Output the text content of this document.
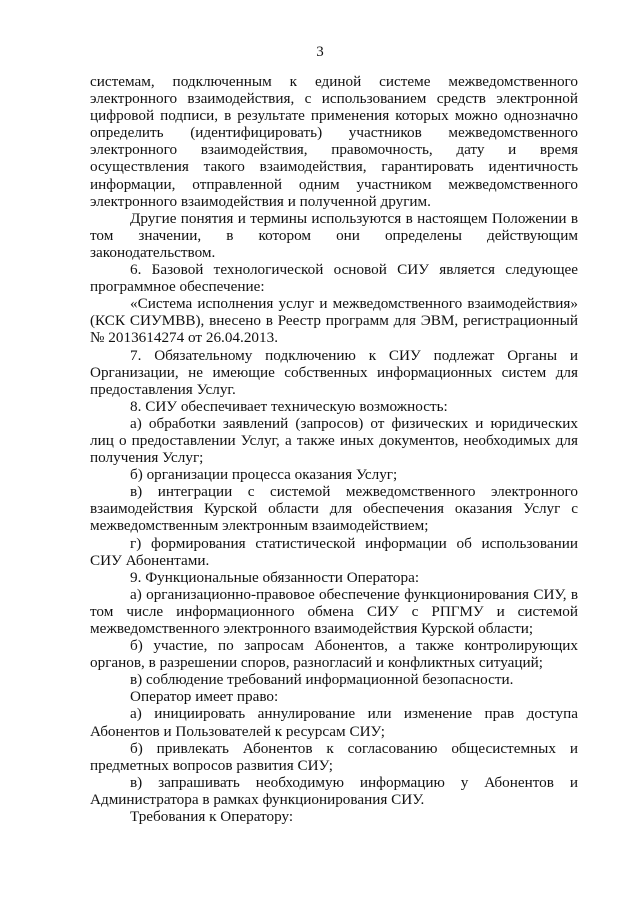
3

системам, подключенным к единой системе межведомственного электронного взаимодействия, с использованием средств электронной цифровой подписи, в результате применения которых можно однозначно определить (идентифицировать) участников межведомственного электронного взаимодействия, правомочность, дату и время осуществления такого взаимодействия, гарантировать идентичность информации, отправленной одним участником межведомственного электронного взаимодействия и полученной другим.

Другие понятия и термины используются в настоящем Положении в том значении, в котором они определены действующим законодательством.

6. Базовой технологической основой СИУ является следующее программное обеспечение:

«Система исполнения услуг и межведомственного взаимодействия» (КСК СИУМВВ), внесено в Реестр программ для ЭВМ, регистрационный № 2013614274 от 26.04.2013.

7. Обязательному подключению к СИУ подлежат Органы и Организации, не имеющие собственных информационных систем для предоставления Услуг.

8. СИУ обеспечивает техническую возможность:

а) обработки заявлений (запросов) от физических и юридических лиц о предоставлении Услуг, а также иных документов, необходимых для получения Услуг;

б) организации процесса оказания Услуг;

в) интеграции с системой межведомственного электронного взаимодействия Курской области для обеспечения оказания Услуг с межведомственным электронным взаимодействием;

г) формирования статистической информации об использовании СИУ Абонентами.

9. Функциональные обязанности Оператора:

а) организационно-правовое обеспечение функционирования СИУ, в том числе информационного обмена СИУ с РПГМУ и системой межведомственного электронного взаимодействия Курской области;

б) участие, по запросам Абонентов, а также контролирующих органов, в разрешении споров, разногласий и конфликтных ситуаций;

в) соблюдение требований информационной безопасности.

Оператор имеет право:

а) инициировать аннулирование или изменение прав доступа Абонентов и Пользователей к ресурсам СИУ;

б) привлекать Абонентов к согласованию общесистемных и предметных вопросов развития СИУ;

в) запрашивать необходимую информацию у Абонентов и Администратора в рамках функционирования СИУ.

Требования к Оператору:
